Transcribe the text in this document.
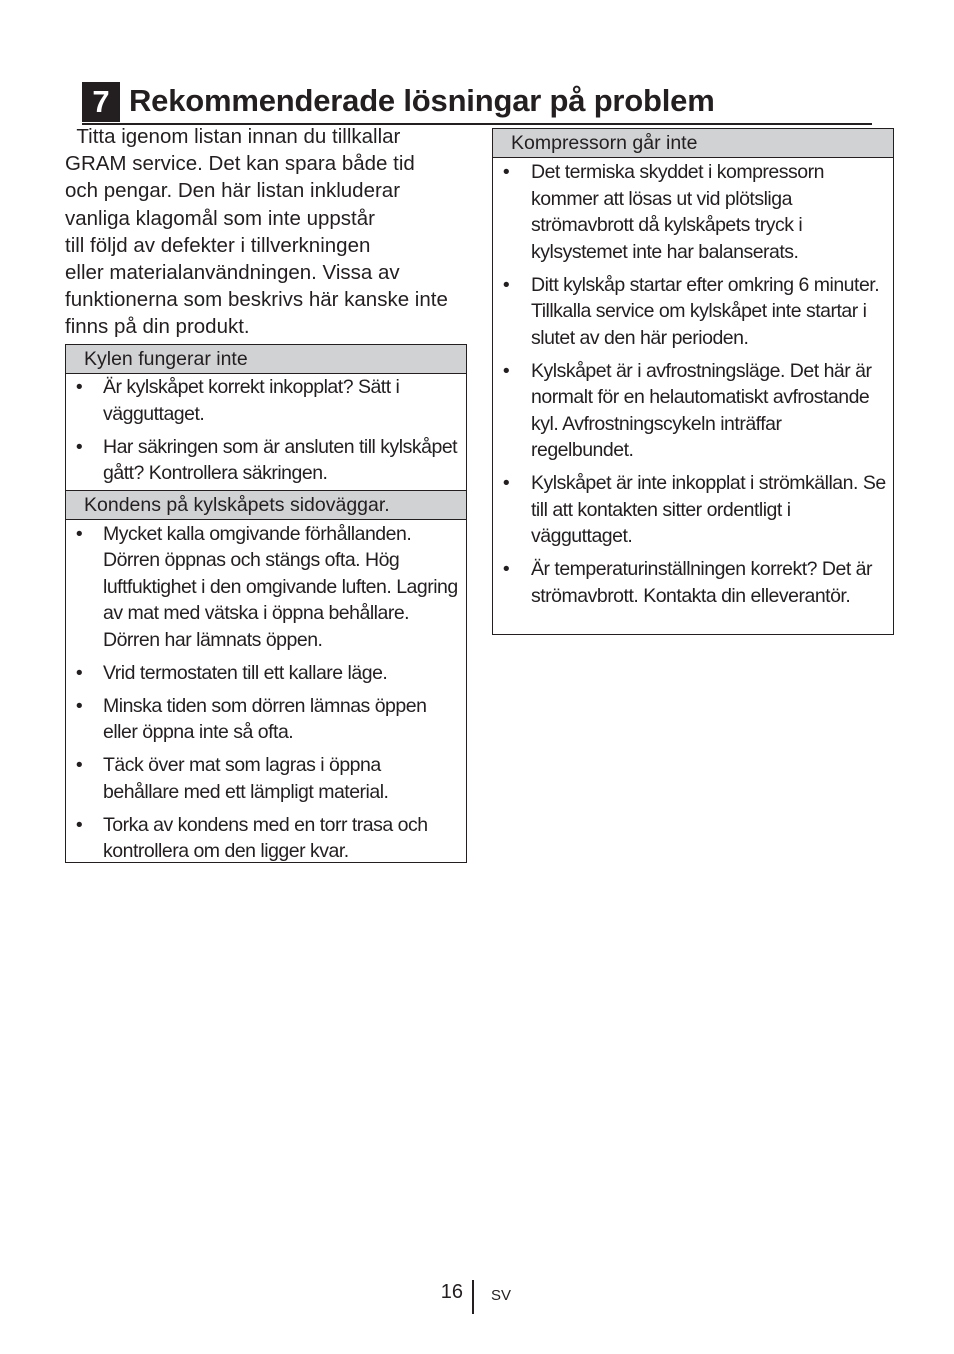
7 Rekommenderade lösningar på problem

Titta igenom listan innan du tillkallar

GRAM service. Det kan spara både tid

och pengar. Den här listan inkluderar

vanliga klagomål som inte uppstår

till följd av defekter i tillverkningen

eller materialanvändningen. Vissa av

funktionerna som beskrivs här kanske inte

finns på din produkt.

Kylen fungerar inte
• Är kylskåpet korrekt inkopplat? Sätt i vägguttaget.
• Har säkringen som är ansluten till kylskåpet gått? Kontrollera säkringen.
Kondens på kylskåpets sidoväggar.
• Mycket kalla omgivande förhållanden. Dörren öppnas och stängs ofta. Hög luftfuktighet i den omgivande luften. Lagring av mat med vätska i öppna behållare. Dörren har lämnats öppen.
• Vrid termostaten till ett kallare läge.
• Minska tiden som dörren lämnas öppen eller öppna inte så ofta.
• Täck över mat som lagras i öppna behållare med ett lämpligt material.
• Torka av kondens med en torr trasa och kontrollera om den ligger kvar.
Kompressorn går inte
• Det termiska skyddet i kompressorn kommer att lösas ut vid plötsliga strömavbrott då kylskåpets tryck i kylsystemet inte har balanserats.
• Ditt kylskåp startar efter omkring 6 minuter. Tillkalla service om kylskåpet inte startar i slutet av den här perioden.
• Kylskåpet är i avfrostningsläge. Det här är normalt för en helautomatiskt avfrostande kyl. Avfrostningscykeln inträffar regelbundet.
• Kylskåpet är inte inkopplat i strömkällan. Se till att kontakten sitter ordentligt i vägguttaget.
• Är temperaturinställningen korrekt? Det är strömavbrott. Kontakta din elleverantör.
16 SV
